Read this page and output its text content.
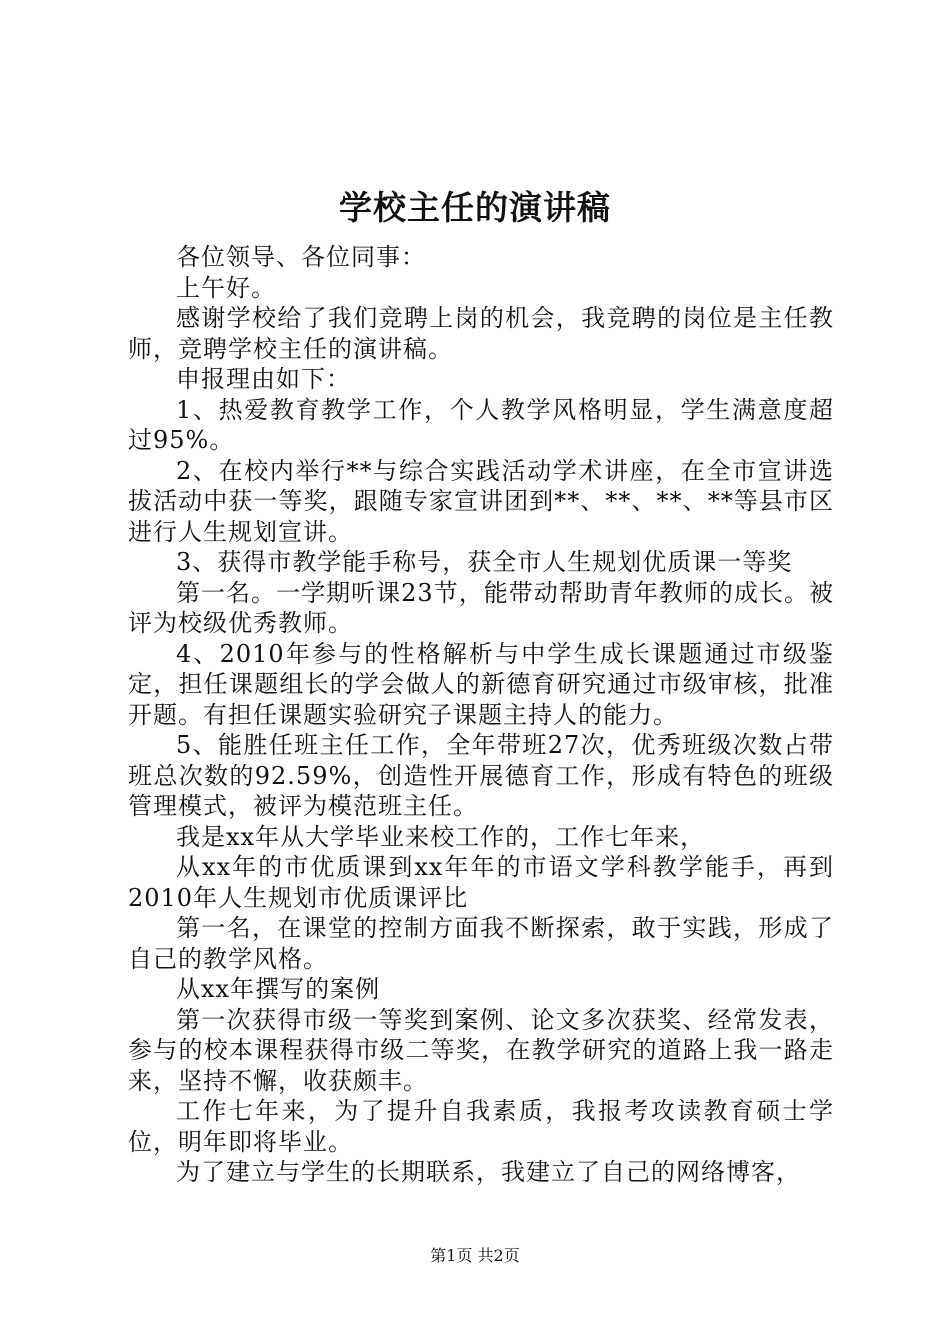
学校主任的演讲稿

各位领导、各位同事：

上午好。

感谢学校给了我们竞聘上岗的机会，我竞聘的岗位是主任教师，竞聘学校主任的演讲稿。

申报理由如下：

1、热爱教育教学工作，个人教学风格明显，学生满意度超过95%。

2、在校内举行**与综合实践活动学术讲座，在全市宣讲选拔活动中获一等奖，跟随专家宣讲团到**、**、**、**等县市区进行人生规划宣讲。

3、获得市教学能手称号，获全市人生规划优质课一等奖

第一名。一学期听课23节，能带动帮助青年教师的成长。被评为校级优秀教师。

4、2010年参与的性格解析与中学生成长课题通过市级鉴定，担任课题组长的学会做人的新德育研究通过市级审核，批准开题。有担任课题实验研究子课题主持人的能力。

5、能胜任班主任工作，全年带班27次，优秀班级次数占带班总次数的92.59%，创造性开展德育工作，形成有特色的班级管理模式，被评为模范班主任。

我是xx年从大学毕业来校工作的，工作七年来，

从xx年的市优质课到xx年年的市语文学科教学能手，再到2010年人生规划市优质课评比

第一名，在课堂的控制方面我不断探索，敢于实践，形成了自己的教学风格。

从xx年撰写的案例

第一次获得市级一等奖到案例、论文多次获奖、经常发表，参与的校本课程获得市级二等奖，在教学研究的道路上我一路走来，坚持不懈，收获颇丰。

工作七年来，为了提升自我素质，我报考攻读教育硕士学位，明年即将毕业。

为了建立与学生的长期联系，我建立了自己的网络博客，

第1页 共2页
